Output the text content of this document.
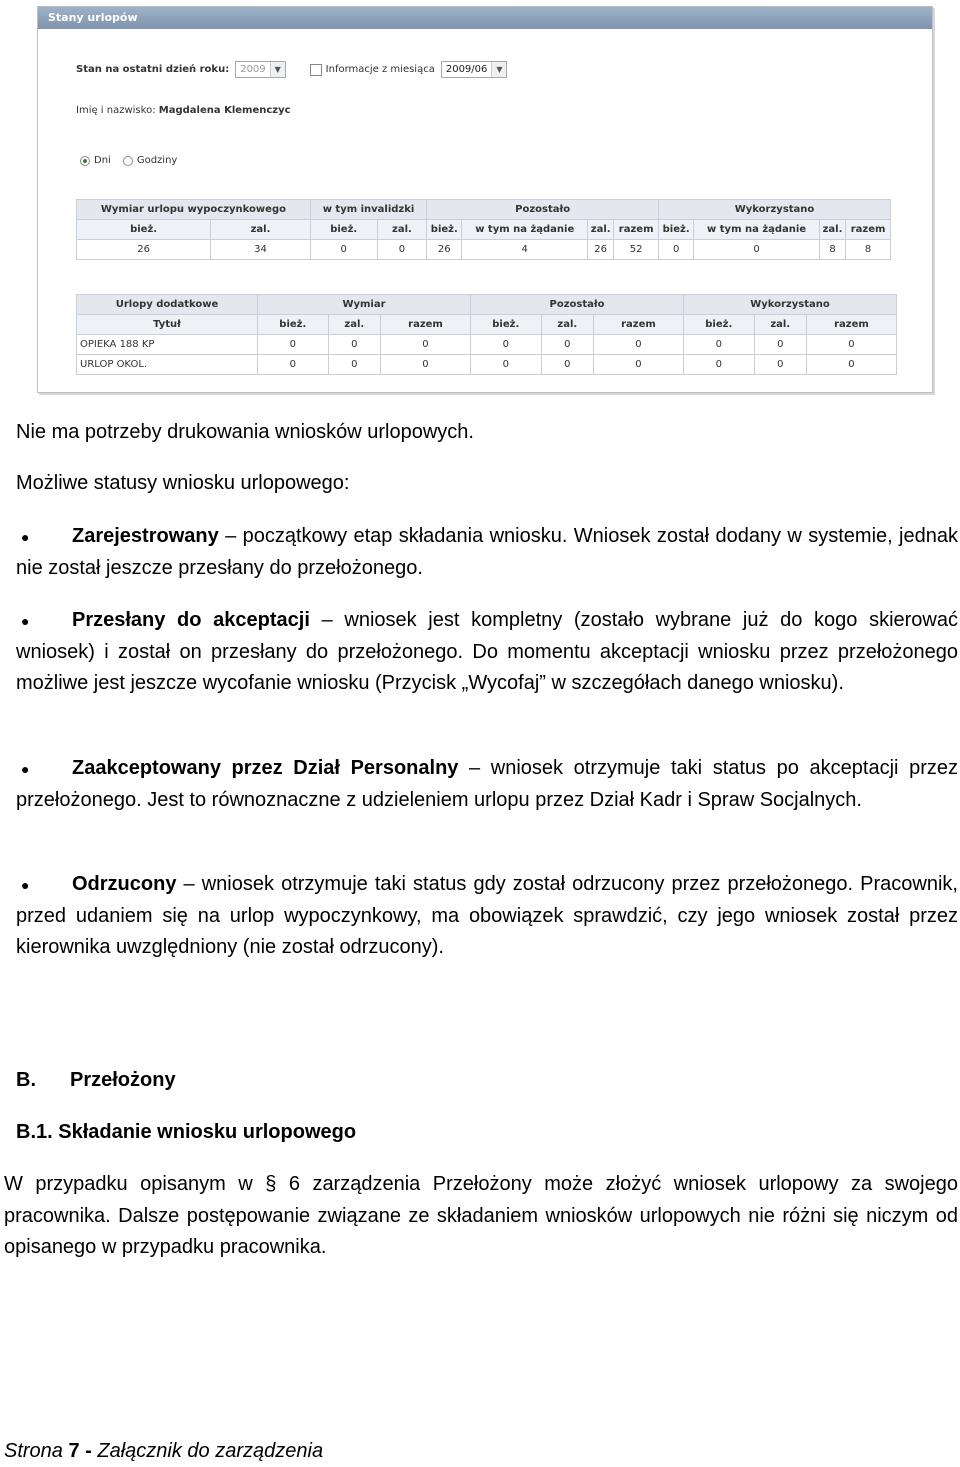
Stany urlopów
Stan na ostatni dzień roku:	2009	▼	Informacje z miesiąca	2009/06	▼
Imię i nazwisko: Magdalena Klemenczyc
Dni	Godziny
Wymiar urlopu wypoczynkowego		w tym invalidzki		Pozostało				Wykorzystano			
bież.	zal.	bież.	zal.	bież.	w tym na żądanie	zal.	razem	bież.	w tym na żądanie	zal.	razem
26	34	0	0	26	4	26	52	0	0	8	8
Urlopy dodatkowe	Wymiar			Pozostało			Wykorzystano		
Tytuł	bież.	zal.	razem	bież.	zal.	razem	bież.	zal.	razem
OPIEKA 188 KP	0	0	0	0	0	0	0	0	0
URLOP OKOL.	0	0	0	0	0	0	0	0	0
Nie ma potrzeby drukowania wniosków urlopowych.
Możliwe statusy wniosku urlopowego:
●	Zarejestrowany – początkowy etap składania wniosku. Wniosek został dodany w systemie, jednak nie został jeszcze przesłany do przełożonego.
●	Przesłany do akceptacji – wniosek jest kompletny (zostało wybrane już do kogo skierować wniosek) i został on przesłany do przełożonego. Do momentu akceptacji wniosku przez przełożonego możliwe jest jeszcze wycofanie wniosku (Przycisk „Wycofaj” w szczegółach danego wniosku).
●	Zaakceptowany przez Dział Personalny – wniosek otrzymuje taki status po akceptacji przez przełożonego. Jest to równoznaczne z udzieleniem urlopu przez Dział Kadr i Spraw Socjalnych.
●	Odrzucony – wniosek otrzymuje taki status gdy został odrzucony przez przełożonego. Pracownik, przed udaniem się na urlop wypoczynkowy, ma obowiązek sprawdzić, czy jego wniosek został przez kierownika uwzględniony (nie został odrzucony).
B. Przełożony
B.1. Składanie wniosku urlopowego
W przypadku opisanym w § 6 zarządzenia Przełożony może złożyć wniosek urlopowy za swojego pracownika. Dalsze postępowanie związane ze składaniem wniosków urlopowych nie różni się niczym od opisanego w przypadku pracownika.
Strona 7 - Załącznik do zarządzenia
